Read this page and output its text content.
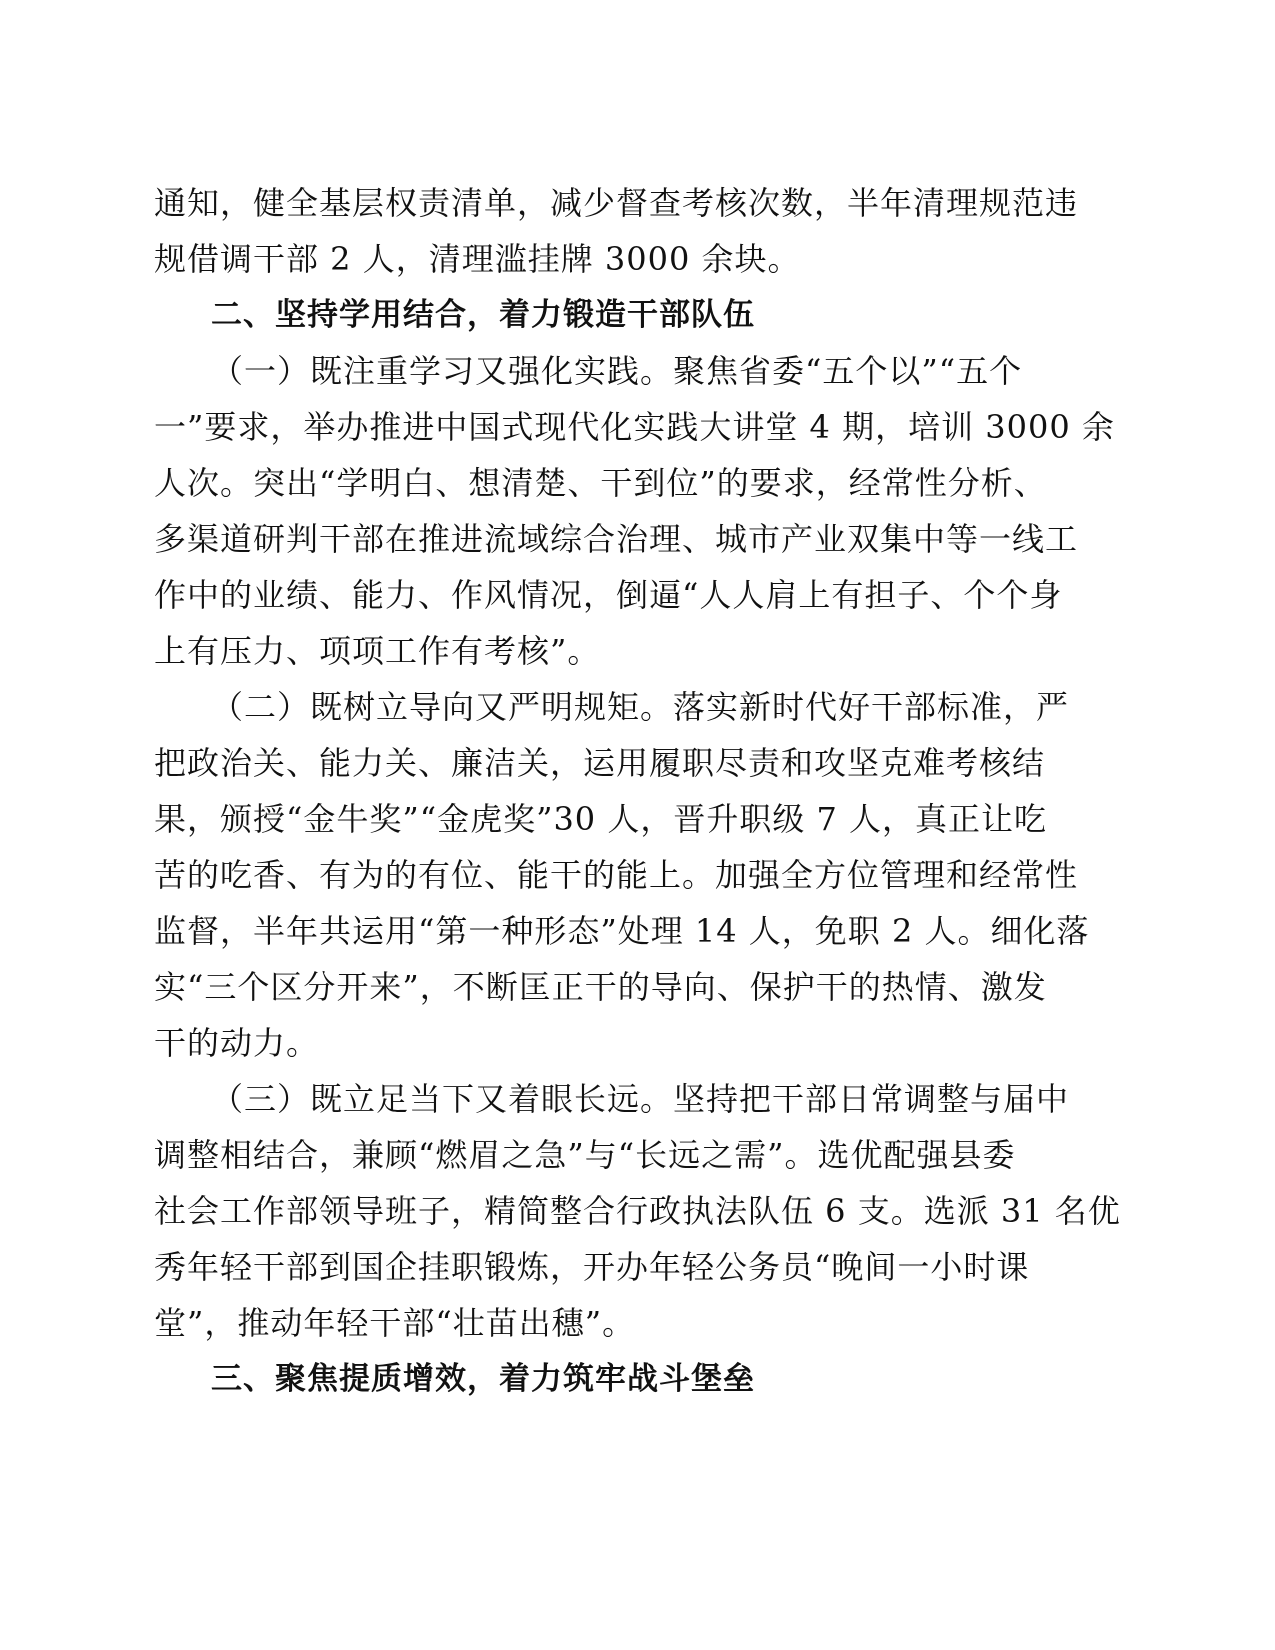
通知，健全基层权责清单，减少督查考核次数，半年清理规范违
规借调干部 2 人，清理滥挂牌 3000 余块。
二、坚持学用结合，着力锻造干部队伍
（一）既注重学习又强化实践。聚焦省委“五个以”“五个
一”要求，举办推进中国式现代化实践大讲堂 4 期，培训 3000 余
人次。突出“学明白、想清楚、干到位”的要求，经常性分析、
多渠道研判干部在推进流域综合治理、城市产业双集中等一线工
作中的业绩、能力、作风情况，倒逼“人人肩上有担子、个个身
上有压力、项项工作有考核”。
（二）既树立导向又严明规矩。落实新时代好干部标准，严
把政治关、能力关、廉洁关，运用履职尽责和攻坚克难考核结
果，颁授“金牛奖”“金虎奖”30 人，晋升职级 7 人，真正让吃
苦的吃香、有为的有位、能干的能上。加强全方位管理和经常性
监督，半年共运用“第一种形态”处理 14 人，免职 2 人。细化落
实“三个区分开来”，不断匡正干的导向、保护干的热情、激发
干的动力。
（三）既立足当下又着眼长远。坚持把干部日常调整与届中
调整相结合，兼顾“燃眉之急”与“长远之需”。选优配强县委
社会工作部领导班子，精简整合行政执法队伍 6 支。选派 31 名优
秀年轻干部到国企挂职锻炼，开办年轻公务员“晚间一小时课
堂”，推动年轻干部“壮苗出穗”。
三、聚焦提质增效，着力筑牢战斗堡垒
